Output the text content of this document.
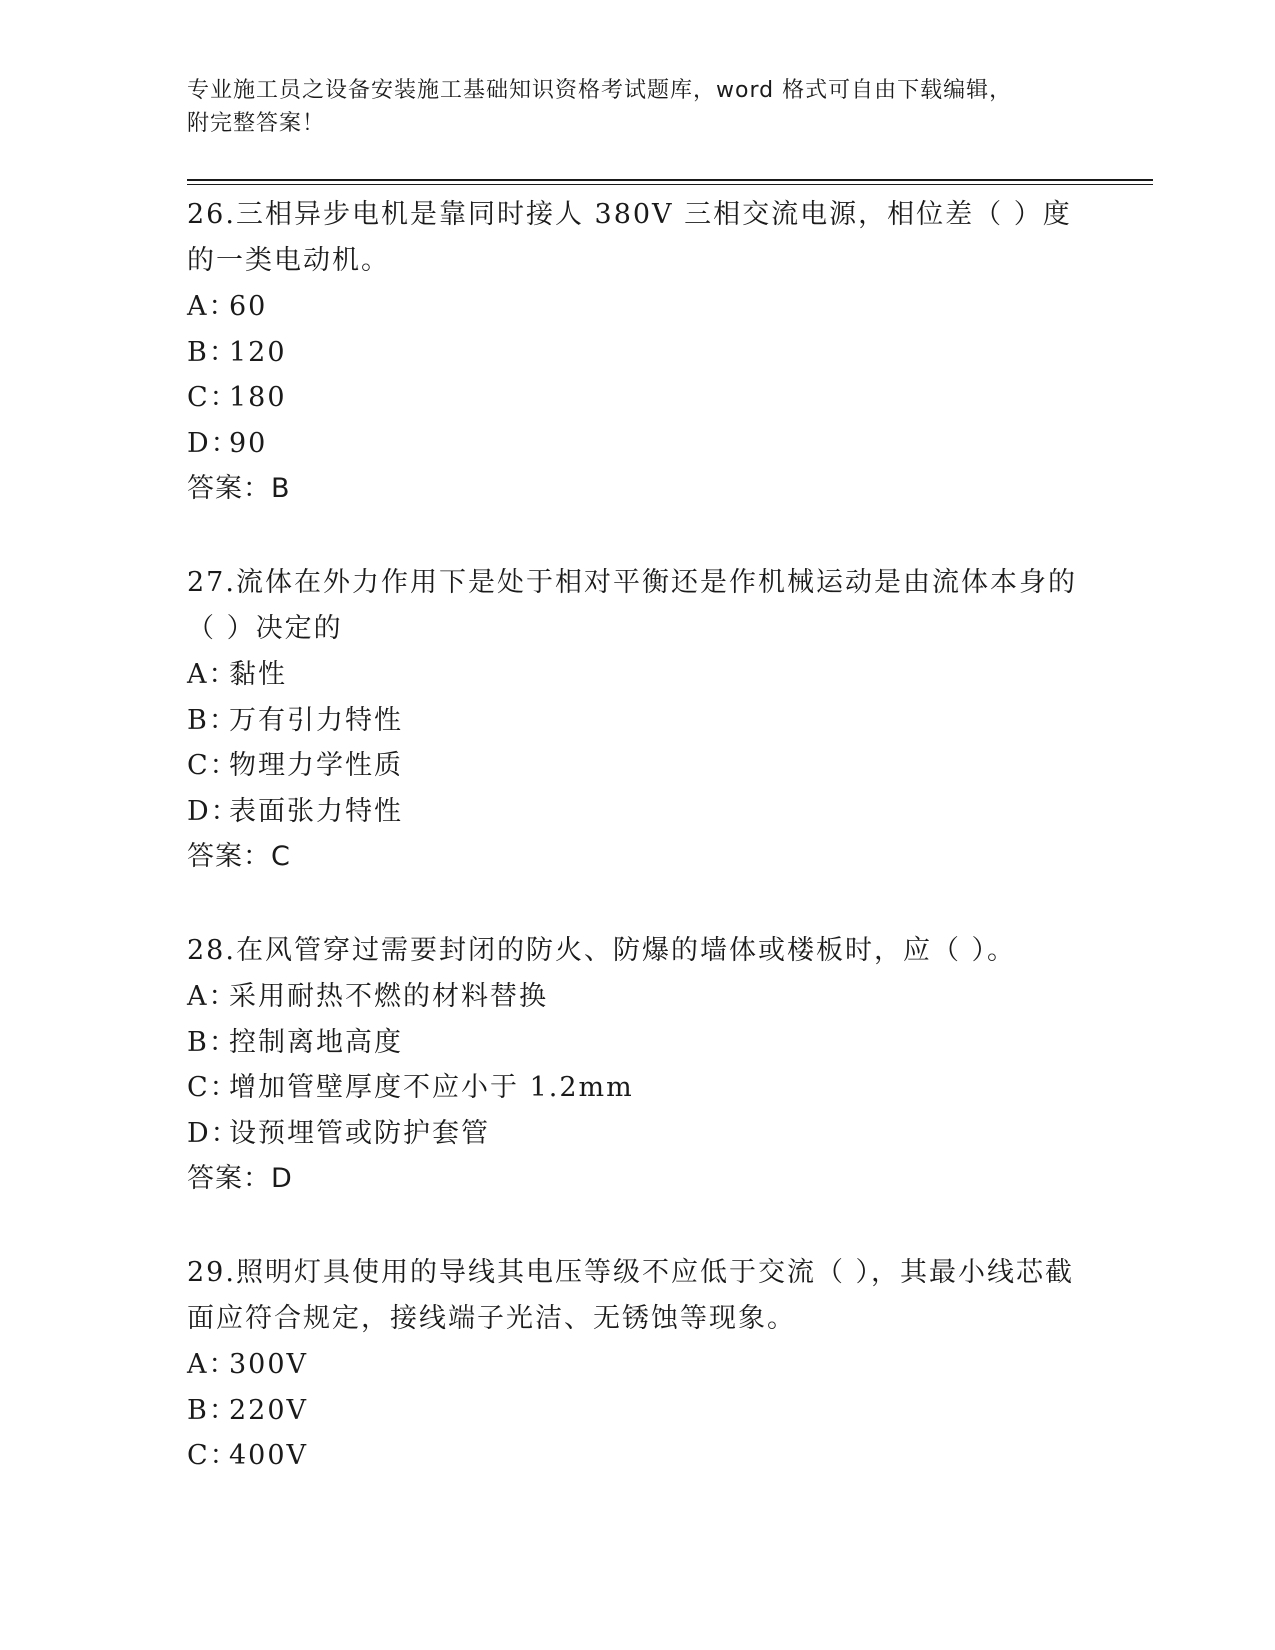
专业施工员之设备安装施工基础知识资格考试题库，word 格式可自由下载编辑，
附完整答案！
26.三相异步电机是靠同时接人 380V 三相交流电源，相位差（ ）度的一类电动机。
A：60
B：120
C：180
D：90
答案：B
27.流体在外力作用下是处于相对平衡还是作机械运动是由流体本身的（ ）决定的
A：黏性
B：万有引力特性
C：物理力学性质
D：表面张力特性
答案：C
28.在风管穿过需要封闭的防火、防爆的墙体或楼板时，应（ ）。
A：采用耐热不燃的材料替换
B：控制离地高度
C：增加管壁厚度不应小于 1.2mm
D：设预埋管或防护套管
答案：D
29.照明灯具使用的导线其电压等级不应低于交流（ ），其最小线芯截面应符合规定，接线端子光洁、无锈蚀等现象。
A：300V
B：220V
C：400V
